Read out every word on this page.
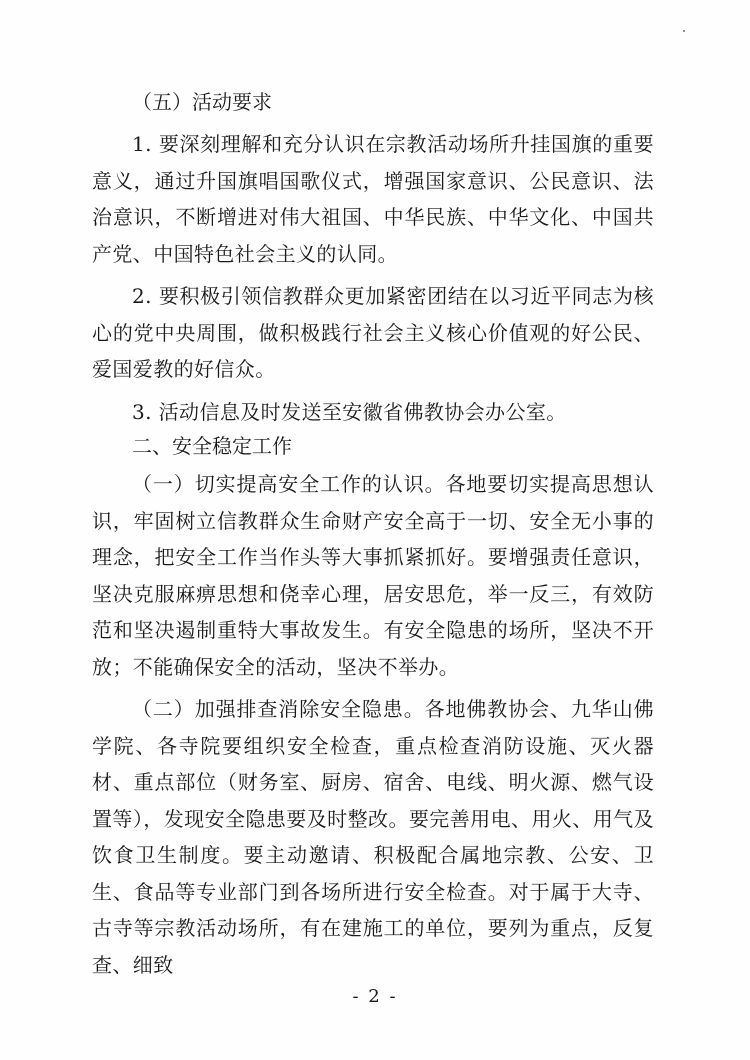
（五）活动要求

1. 要深刻理解和充分认识在宗教活动场所升挂国旗的重要意义，通过升国旗唱国歌仪式，增强国家意识、公民意识、法治意识，不断增进对伟大祖国、中华民族、中华文化、中国共产党、中国特色社会主义的认同。

2. 要积极引领信教群众更加紧密团结在以习近平同志为核心的党中央周围，做积极践行社会主义核心价值观的好公民、爱国爱教的好信众。

3. 活动信息及时发送至安徽省佛教协会办公室。

二、安全稳定工作

（一）切实提高安全工作的认识。各地要切实提高思想认识，牢固树立信教群众生命财产安全高于一切、安全无小事的理念，把安全工作当作头等大事抓紧抓好。要增强责任意识，坚决克服麻痹思想和侥幸心理，居安思危，举一反三，有效防范和坚决遏制重特大事故发生。有安全隐患的场所，坚决不开放；不能确保安全的活动，坚决不举办。

（二）加强排查消除安全隐患。各地佛教协会、九华山佛学院、各寺院要组织安全检查，重点检查消防设施、灭火器材、重点部位（财务室、厨房、宿舍、电线、明火源、燃气设置等），发现安全隐患要及时整改。要完善用电、用火、用气及饮食卫生制度。要主动邀请、积极配合属地宗教、公安、卫生、食品等专业部门到各场所进行安全检查。对于属于大寺、古寺等宗教活动场所，有在建施工的单位，要列为重点，反复查、细致

- 2 -
